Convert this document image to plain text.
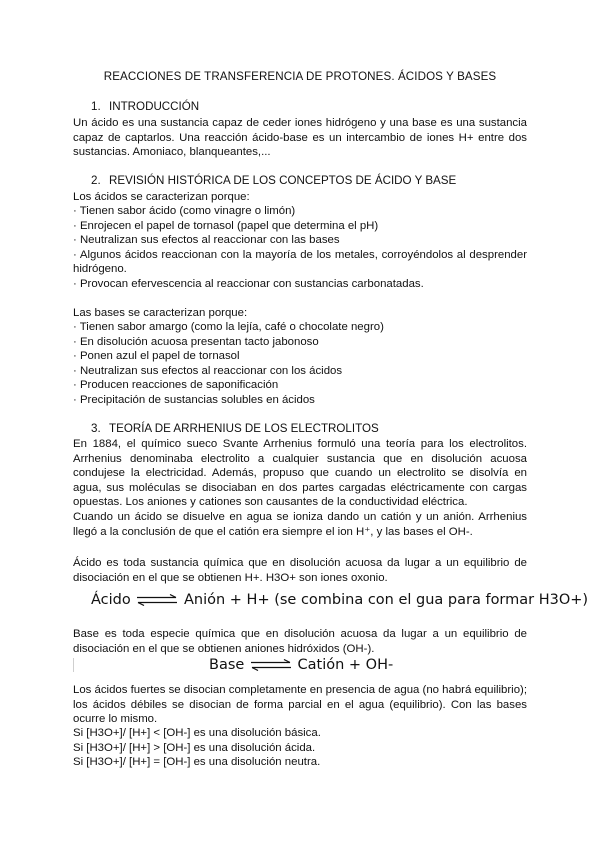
REACCIONES DE TRANSFERENCIA DE PROTONES. ÁCIDOS Y BASES
1. INTRODUCCIÓN
Un ácido es una sustancia capaz de ceder iones hidrógeno y una base es una sustancia capaz de captarlos. Una reacción ácido-base es un intercambio de iones H+ entre dos sustancias. Amoniaco, blanqueantes,...
2. REVISIÓN HISTÓRICA DE LOS CONCEPTOS DE ÁCIDO Y BASE
Los ácidos se caracterizan porque:
· Tienen sabor ácido (como vinagre o limón)
· Enrojecen el papel de tornasol (papel que determina el pH)
· Neutralizan sus efectos al reaccionar con las bases
· Algunos ácidos reaccionan con la mayoría de los metales, corroyéndolos al desprender hidrógeno.
· Provocan efervescencia al reaccionar con sustancias carbonatadas.
Las bases se caracterizan porque:
· Tienen sabor amargo (como la lejía, café o chocolate negro)
· En disolución acuosa presentan tacto jabonoso
· Ponen azul el papel de tornasol
· Neutralizan sus efectos al reaccionar con los ácidos
· Producen reacciones de saponificación
· Precipitación de sustancias solubles en ácidos
3. TEORÍA DE ARRHENIUS DE LOS ELECTROLITOS
En 1884, el químico sueco Svante Arrhenius formuló una teoría para los electrolitos. Arrhenius denominaba electrolito a cualquier sustancia que en disolución acuosa condujese la electricidad. Además, propuso que cuando un electrolito se disolvía en agua, sus moléculas se disociaban en dos partes cargadas eléctricamente con cargas opuestas. Los aniones y cationes son causantes de la conductividad eléctrica.
Cuando un ácido se disuelve en agua se ioniza dando un catión y un anión. Arrhenius llegó a la conclusión de que el catión era siempre el ion H⁺, y las bases el OH-.
Ácido es toda sustancia química que en disolución acuosa da lugar a un equilibrio de disociación en el que se obtienen H+. H3O+ son iones oxonio.
Ácido ⇌ Anión + H+ (se combina con el gua para formar H3O+)
Base es toda especie química que en disolución acuosa da lugar a un equilibrio de disociación en el que se obtienen aniones hidróxidos (OH-).
Base ⇌ Catión + OH-
Los ácidos fuertes se disocian completamente en presencia de agua (no habrá equilibrio); los ácidos débiles se disocian de forma parcial en el agua (equilibrio). Con las bases ocurre lo mismo.
Si [H3O+]/ [H+] < [OH-] es una disolución básica.
Si [H3O+]/ [H+] > [OH-] es una disolución ácida.
Si [H3O+]/ [H+] = [OH-] es una disolución neutra.
